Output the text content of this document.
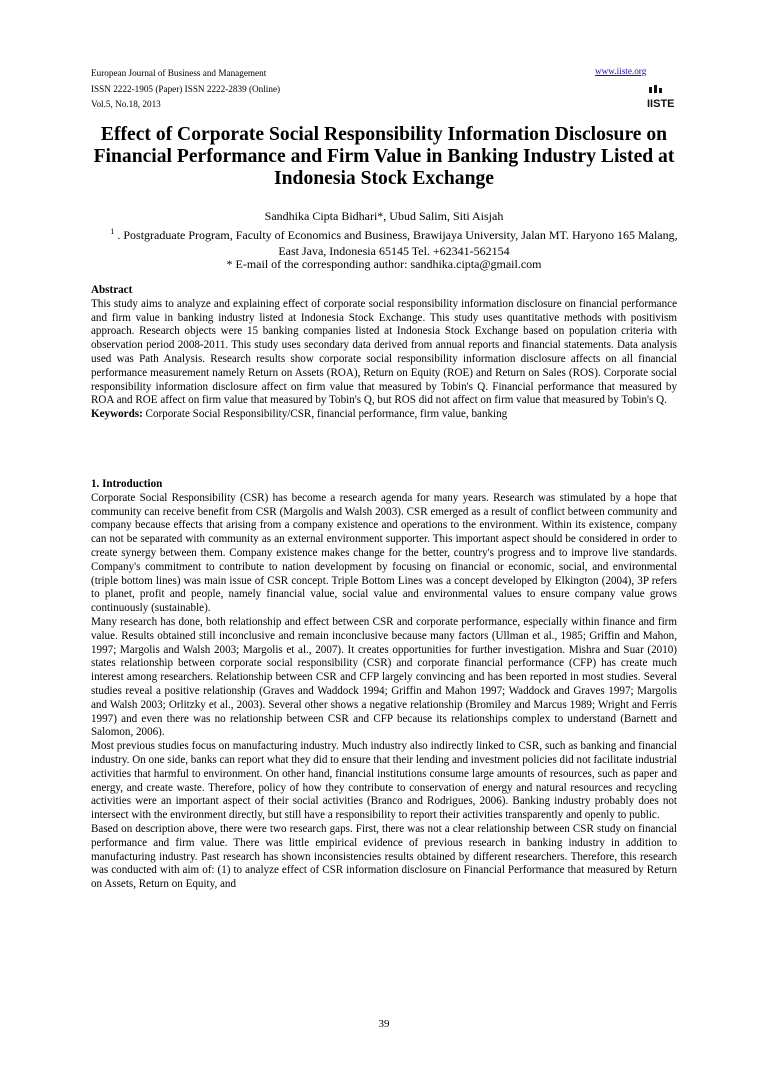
European Journal of Business and Management
ISSN 2222-1905 (Paper) ISSN 2222-2839 (Online)
Vol.5, No.18, 2013
www.iiste.org
IISTE
Effect of Corporate Social Responsibility Information Disclosure on Financial Performance and Firm Value in Banking Industry Listed at Indonesia Stock Exchange
Sandhika Cipta Bidhari*, Ubud Salim, Siti Aisjah
$^1$ . Postgraduate Program, Faculty of Economics and Business, Brawijaya University, Jalan MT. Haryono 165 Malang, East Java, Indonesia 65145 Tel. +62341-562154
* E-mail of the corresponding author: sandhika.cipta@gmail.com
Abstract
This study aims to analyze and explaining effect of corporate social responsibility information disclosure on financial performance and firm value in banking industry listed at Indonesia Stock Exchange. This study uses quantitative methods with positivism approach. Research objects were 15 banking companies listed at Indonesia Stock Exchange based on population criteria with observation period 2008-2011. This study uses secondary data derived from annual reports and financial statements. Data analysis used was Path Analysis. Research results show corporate social responsibility information disclosure affects on all financial performance measurement namely Return on Assets (ROA), Return on Equity (ROE) and Return on Sales (ROS). Corporate social responsibility information disclosure affect on firm value that measured by Tobin's Q. Financial performance that measured by ROA and ROE affect on firm value that measured by Tobin's Q, but ROS did not affect on firm value that measured by Tobin's Q.
Keywords: Corporate Social Responsibility/CSR, financial performance, firm value, banking
1. Introduction
Corporate Social Responsibility (CSR) has become a research agenda for many years. Research was stimulated by a hope that community can receive benefit from CSR (Margolis and Walsh 2003). CSR emerged as a result of conflict between community and company because effects that arising from a company existence and operations to the environment. Within its existence, company can not be separated with community as an external environment supporter. This important aspect should be considered in order to create synergy between them. Company existence makes change for the better, country's progress and to improve live standards. Company's commitment to contribute to nation development by focusing on financial or economic, social, and environmental (triple bottom lines) was main issue of CSR concept. Triple Bottom Lines was a concept developed by Elkington (2004), 3P refers to planet, profit and people, namely financial value, social value and environmental values to ensure company value grows continuously (sustainable).
Many research has done, both relationship and effect between CSR and corporate performance, especially within finance and firm value. Results obtained still inconclusive and remain inconclusive because many factors (Ullman et al., 1985; Griffin and Mahon, 1997; Margolis and Walsh 2003; Margolis et al., 2007). It creates opportunities for further investigation. Mishra and Suar (2010) states relationship between corporate social responsibility (CSR) and corporate financial performance (CFP) has create much interest among researchers. Relationship between CSR and CFP largely convincing and has been reported in most studies. Several studies reveal a positive relationship (Graves and Waddock 1994; Griffin and Mahon 1997; Waddock and Graves 1997; Margolis and Walsh 2003; Orlitzky et al., 2003). Several other shows a negative relationship (Bromiley and Marcus 1989; Wright and Ferris 1997) and even there was no relationship between CSR and CFP because its relationships complex to understand (Barnett and Salomon, 2006).
Most previous studies focus on manufacturing industry. Much industry also indirectly linked to CSR, such as banking and financial industry. On one side, banks can report what they did to ensure that their lending and investment policies did not facilitate industrial activities that harmful to environment. On other hand, financial institutions consume large amounts of resources, such as paper and energy, and create waste. Therefore, policy of how they contribute to conservation of energy and natural resources and recycling activities were an important aspect of their social activities (Branco and Rodrigues, 2006). Banking industry probably does not intersect with the environment directly, but still have a responsibility to report their activities transparently and openly to public.
Based on description above, there were two research gaps. First, there was not a clear relationship between CSR study on financial performance and firm value. There was little empirical evidence of previous research in banking industry in addition to manufacturing industry. Past research has shown inconsistencies results obtained by different researchers. Therefore, this research was conducted with aim of: (1) to analyze effect of CSR information disclosure on Financial Performance that measured by Return on Assets, Return on Equity, and
39
